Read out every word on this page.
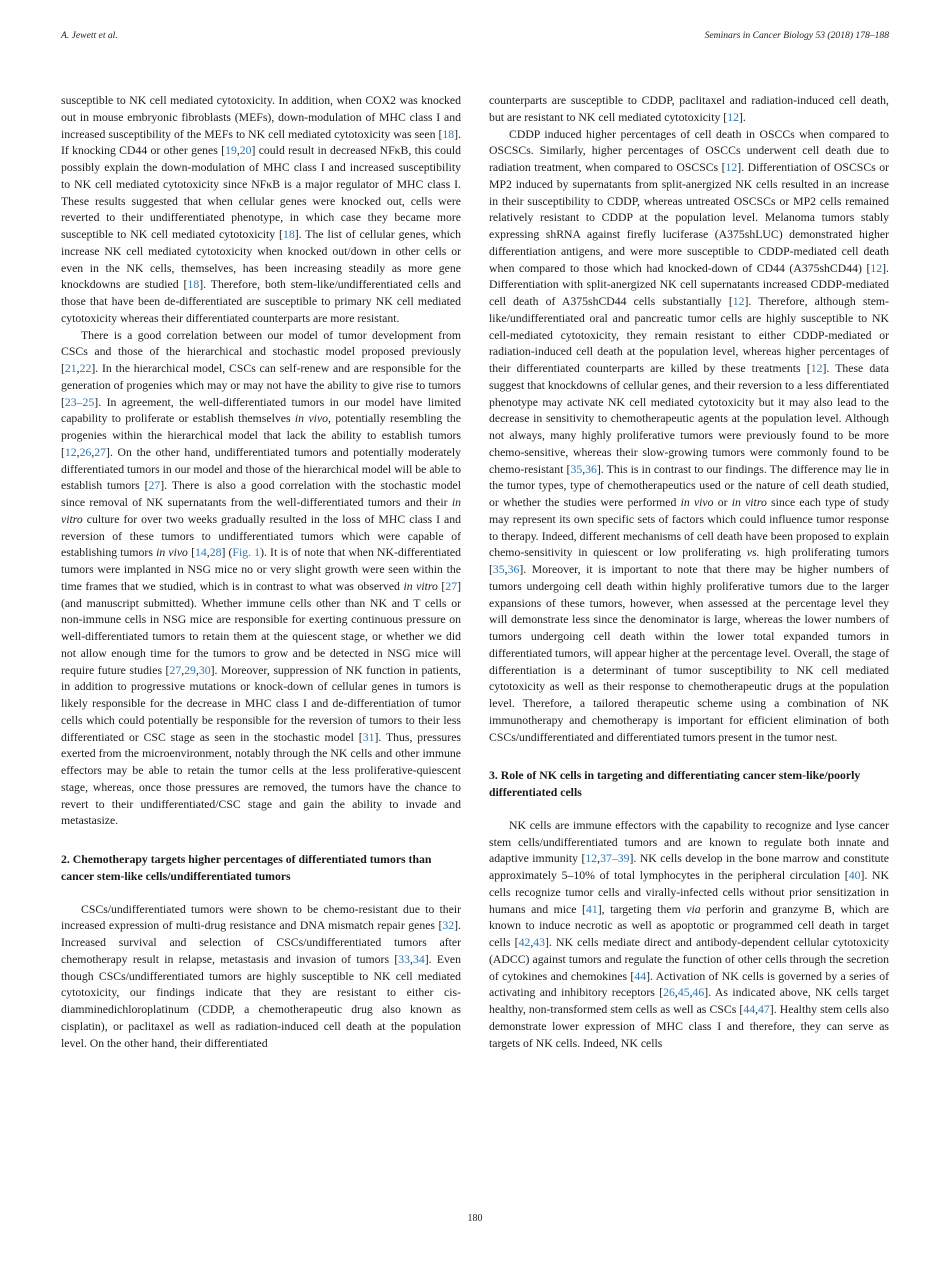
A. Jewett et al.	Seminars in Cancer Biology 53 (2018) 178–188

susceptible to NK cell mediated cytotoxicity. In addition, when COX2 was knocked out in mouse embryonic fibroblasts (MEFs), down-modulation of MHC class I and increased susceptibility of the MEFs to NK cell mediated cytotoxicity was seen [18]. If knocking CD44 or other genes [19,20] could result in decreased NFκB, this could possibly explain the down-modulation of MHC class I and increased susceptibility to NK cell mediated cytotoxicity since NFκB is a major regulator of MHC class I. These results suggested that when cellular genes were knocked out, cells were reverted to their undifferentiated phenotype, in which case they became more susceptible to NK cell mediated cytotoxicity [18]. The list of cellular genes, which increase NK cell mediated cytotoxicity when knocked out/down in other cells or even in the NK cells, themselves, has been increasing steadily as more gene knockdowns are studied [18]. Therefore, both stem-like/undifferentiated cells and those that have been de-differentiated are susceptible to primary NK cell mediated cytotoxicity whereas their differentiated counterparts are more resistant.

There is a good correlation between our model of tumor development from CSCs and those of the hierarchical and stochastic model proposed previously [21,22]. In the hierarchical model, CSCs can self-renew and are responsible for the generation of progenies which may or may not have the ability to give rise to tumors [23–25]. In agreement, the well-differentiated tumors in our model have limited capability to proliferate or establish themselves in vivo, potentially resembling the progenies within the hierarchical model that lack the ability to establish tumors [12,26,27]. On the other hand, undifferentiated tumors and potentially moderately differentiated tumors in our model and those of the hierarchical model will be able to establish tumors [27]. There is also a good correlation with the stochastic model since removal of NK supernatants from the well-differentiated tumors and their in vitro culture for over two weeks gradually resulted in the loss of MHC class I and reversion of these tumors to undifferentiated tumors which were capable of establishing tumors in vivo [14,28] (Fig. 1). It is of note that when NK-differentiated tumors were implanted in NSG mice no or very slight growth were seen within the time frames that we studied, which is in contrast to what was observed in vitro [27] (and manuscript submitted). Whether immune cells other than NK and T cells or non-immune cells in NSG mice are responsible for exerting continuous pressure on well-differentiated tumors to retain them at the quiescent stage, or whether we did not allow enough time for the tumors to grow and be detected in NSG mice will require future studies [27,29,30]. Moreover, suppression of NK function in patients, in addition to progressive mutations or knock-down of cellular genes in tumors is likely responsible for the decrease in MHC class I and de-differentiation of tumor cells which could potentially be responsible for the reversion of tumors to their less differentiated or CSC stage as seen in the stochastic model [31]. Thus, pressures exerted from the microenvironment, notably through the NK cells and other immune effectors may be able to retain the tumor cells at the less proliferative-quiescent stage, whereas, once those pressures are removed, the tumors have the chance to revert to their undifferentiated/CSC stage and gain the ability to invade and metastasize.

2. Chemotherapy targets higher percentages of differentiated tumors than cancer stem-like cells/undifferentiated tumors

CSCs/undifferentiated tumors were shown to be chemo-resistant due to their increased expression of multi-drug resistance and DNA mismatch repair genes [32]. Increased survival and selection of CSCs/undifferentiated tumors after chemotherapy result in relapse, metastasis and invasion of tumors [33,34]. Even though CSCs/undifferentiated tumors are highly susceptible to NK cell mediated cytotoxicity, our findings indicate that they are resistant to either cis-diamminedichloroplatinum (CDDP, a chemotherapeutic drug also known as cisplatin), or paclitaxel as well as radiation-induced cell death at the population level. On the other hand, their differentiated

counterparts are susceptible to CDDP, paclitaxel and radiation-induced cell death, but are resistant to NK cell mediated cytotoxicity [12].

CDDP induced higher percentages of cell death in OSCCs when compared to OSCSCs. Similarly, higher percentages of OSCCs underwent cell death due to radiation treatment, when compared to OSCSCs [12]. Differentiation of OSCSCs or MP2 induced by supernatants from split-anergized NK cells resulted in an increase in their susceptibility to CDDP, whereas untreated OSCSCs or MP2 cells remained relatively resistant to CDDP at the population level. Melanoma tumors stably expressing shRNA against firefly luciferase (A375shLUC) demonstrated higher differentiation antigens, and were more susceptible to CDDP-mediated cell death when compared to those which had knocked-down of CD44 (A375shCD44) [12]. Differentiation with split-anergized NK cell supernatants increased CDDP-mediated cell death of A375shCD44 cells substantially [12]. Therefore, although stem-like/undifferentiated oral and pancreatic tumor cells are highly susceptible to NK cell-mediated cytotoxicity, they remain resistant to either CDDP-mediated or radiation-induced cell death at the population level, whereas higher percentages of their differentiated counterparts are killed by these treatments [12]. These data suggest that knockdowns of cellular genes, and their reversion to a less differentiated phenotype may activate NK cell mediated cytotoxicity but it may also lead to the decrease in sensitivity to chemotherapeutic agents at the population level. Although not always, many highly proliferative tumors were previously found to be more chemo-sensitive, whereas their slow-growing tumors were commonly found to be chemo-resistant [35,36]. This is in contrast to our findings. The difference may lie in the tumor types, type of chemotherapeutics used or the nature of cell death studied, or whether the studies were performed in vivo or in vitro since each type of study may represent its own specific sets of factors which could influence tumor response to therapy. Indeed, different mechanisms of cell death have been proposed to explain chemo-sensitivity in quiescent or low proliferating vs. high proliferating tumors [35,36]. Moreover, it is important to note that there may be higher numbers of tumors undergoing cell death within highly proliferative tumors due to the larger expansions of these tumors, however, when assessed at the percentage level they will demonstrate less since the denominator is large, whereas the lower numbers of tumors undergoing cell death within the lower total expanded tumors in differentiated tumors, will appear higher at the percentage level. Overall, the stage of differentiation is a determinant of tumor susceptibility to NK cell mediated cytotoxicity as well as their response to chemotherapeutic drugs at the population level. Therefore, a tailored therapeutic scheme using a combination of NK immunotherapy and chemotherapy is important for efficient elimination of both CSCs/undifferentiated and differentiated tumors present in the tumor nest.

3. Role of NK cells in targeting and differentiating cancer stem-like/poorly differentiated cells

NK cells are immune effectors with the capability to recognize and lyse cancer stem cells/undifferentiated tumors and are known to regulate both innate and adaptive immunity [12,37–39]. NK cells develop in the bone marrow and constitute approximately 5–10% of total lymphocytes in the peripheral circulation [40]. NK cells recognize tumor cells and virally-infected cells without prior sensitization in humans and mice [41], targeting them via perforin and granzyme B, which are known to induce necrotic as well as apoptotic or programmed cell death in target cells [42,43]. NK cells mediate direct and antibody-dependent cellular cytotoxicity (ADCC) against tumors and regulate the function of other cells through the secretion of cytokines and chemokines [44]. Activation of NK cells is governed by a series of activating and inhibitory receptors [26,45,46]. As indicated above, NK cells target healthy, non-transformed stem cells as well as CSCs [44,47]. Healthy stem cells also demonstrate lower expression of MHC class I and therefore, they can serve as targets of NK cells. Indeed, NK cells

180
